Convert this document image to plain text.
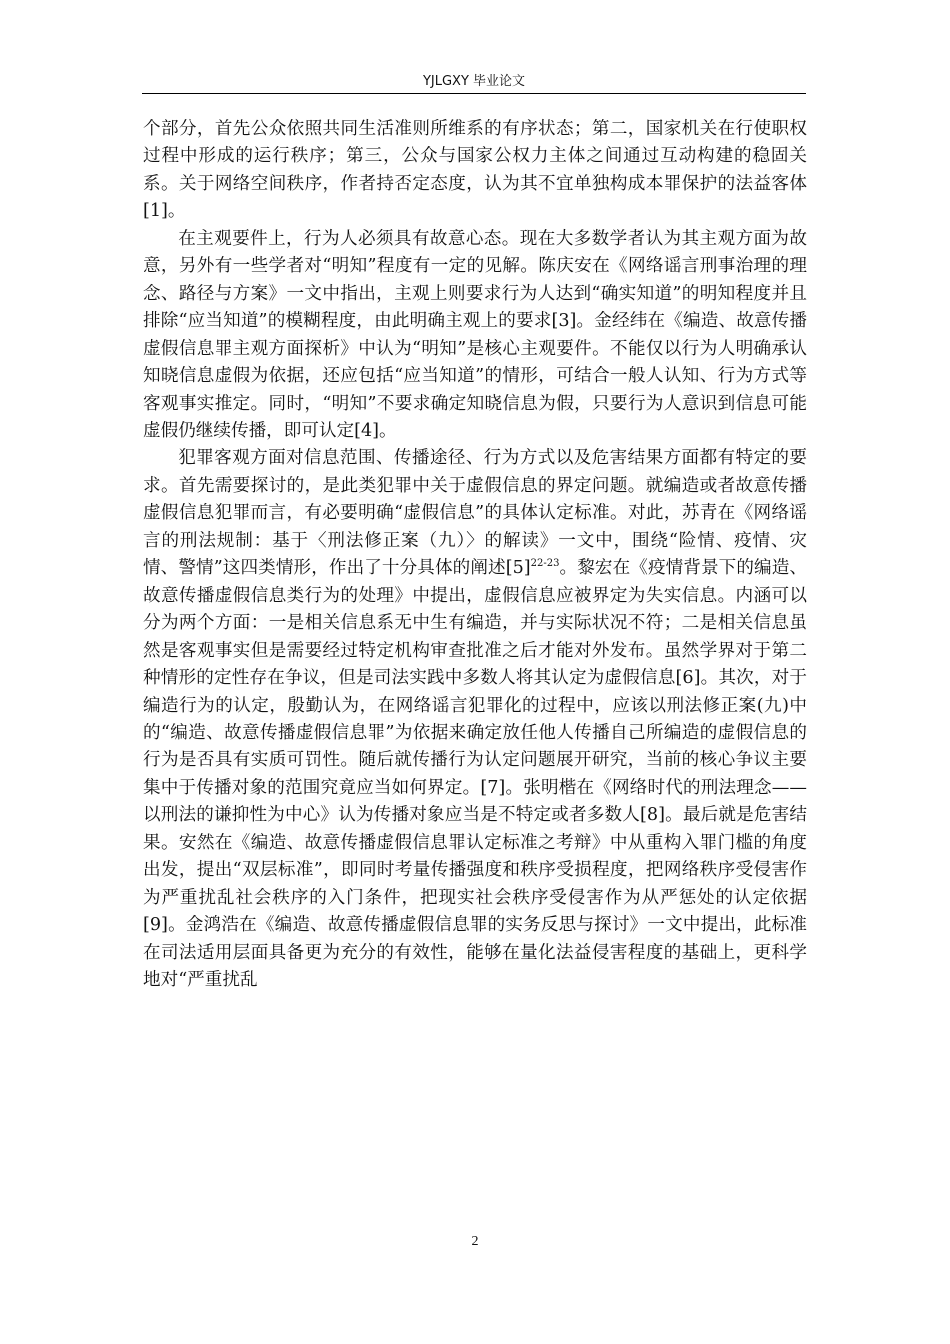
YJLGXY 毕业论文

个部分，首先公众依照共同生活准则所维系的有序状态；第二，国家机关在行使职权过程中形成的运行秩序；第三，公众与国家公权力主体之间通过互动构建的稳固关系。关于网络空间秩序，作者持否定态度，认为其不宜单独构成本罪保护的法益客体[1]。

在主观要件上，行为人必须具有故意心态。现在大多数学者认为其主观方面为故意，另外有一些学者对“明知”程度有一定的见解。陈庆安在《网络谣言刑事治理的理念、路径与方案》一文中指出，主观上则要求行为人达到“确实知道”的明知程度并且排除“应当知道”的模糊程度，由此明确主观上的要求[3]。金经纬在《编造、故意传播虚假信息罪主观方面探析》中认为“明知”是核心主观要件。不能仅以行为人明确承认知晓信息虚假为依据，还应包括“应当知道”的情形，可结合一般人认知、行为方式等客观事实推定。同时，“明知”不要求确定知晓信息为假，只要行为人意识到信息可能虚假仍继续传播，即可认定[4]。

犯罪客观方面对信息范围、传播途径、行为方式以及危害结果方面都有特定的要求。首先需要探讨的，是此类犯罪中关于虚假信息的界定问题。就编造或者故意传播虚假信息犯罪而言，有必要明确“虚假信息”的具体认定标准。对此，苏青在《网络谣言的刑法规制：基于〈刑法修正案（九）〉的解读》一文中，围绕“险情、疫情、灾情、警情”这四类情形，作出了十分具体的阐述$[5]^{22-23}$。黎宏在《疫情背景下的编造、故意传播虚假信息类行为的处理》中提出，虚假信息应被界定为失实信息。内涵可以分为两个方面：一是相关信息系无中生有编造，并与实际状况不符；二是相关信息虽然是客观事实但是需要经过特定机构审查批准之后才能对外发布。虽然学界对于第二种情形的定性存在争议，但是司法实践中多数人将其认定为虚假信息[6]。其次，对于编造行为的认定，殷勤认为，在网络谣言犯罪化的过程中，应该以刑法修正案(九)中的“编造、故意传播虚假信息罪”为依据来确定放任他人传播自己所编造的虚假信息的行为是否具有实质可罚性。随后就传播行为认定问题展开研究，当前的核心争议主要集中于传播对象的范围究竟应当如何界定。[7]。张明楷在《网络时代的刑法理念——以刑法的谦抑性为中心》认为传播对象应当是不特定或者多数人[8]。最后就是危害结果。安然在《编造、故意传播虚假信息罪认定标准之考辩》中从重构入罪门槛的角度出发，提出“双层标准”，即同时考量传播强度和秩序受损程度，把网络秩序受侵害作为严重扰乱社会秩序的入门条件，把现实社会秩序受侵害作为从严惩处的认定依据[9]。金鸿浩在《编造、故意传播虚假信息罪的实务反思与探讨》一文中提出，此标准在司法适用层面具备更为充分的有效性，能够在量化法益侵害程度的基础上，更科学地对“严重扰乱

2
